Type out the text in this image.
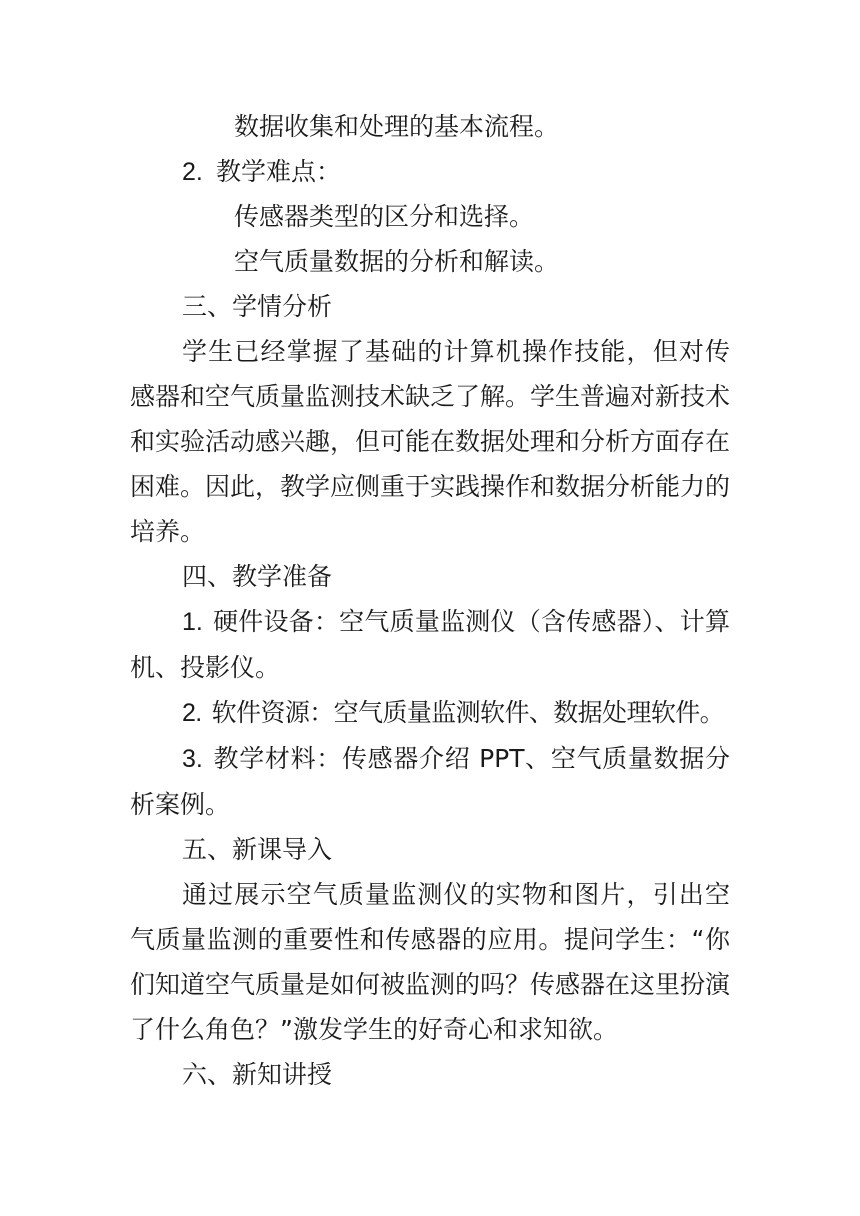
数据收集和处理的基本流程。
2. 教学难点：
传感器类型的区分和选择。
空气质量数据的分析和解读。
三、学情分析
学生已经掌握了基础的计算机操作技能，但对传感器和空气质量监测技术缺乏了解。学生普遍对新技术和实验活动感兴趣，但可能在数据处理和分析方面存在困难。因此，教学应侧重于实践操作和数据分析能力的培养。
四、教学准备
1. 硬件设备：空气质量监测仪（含传感器）、计算机、投影仪。
2. 软件资源：空气质量监测软件、数据处理软件。
3. 教学材料：传感器介绍 PPT、空气质量数据分析案例。
五、新课导入
通过展示空气质量监测仪的实物和图片，引出空气质量监测的重要性和传感器的应用。提问学生：“你们知道空气质量是如何被监测的吗？传感器在这里扮演了什么角色？”激发学生的好奇心和求知欲。
六、新知讲授
